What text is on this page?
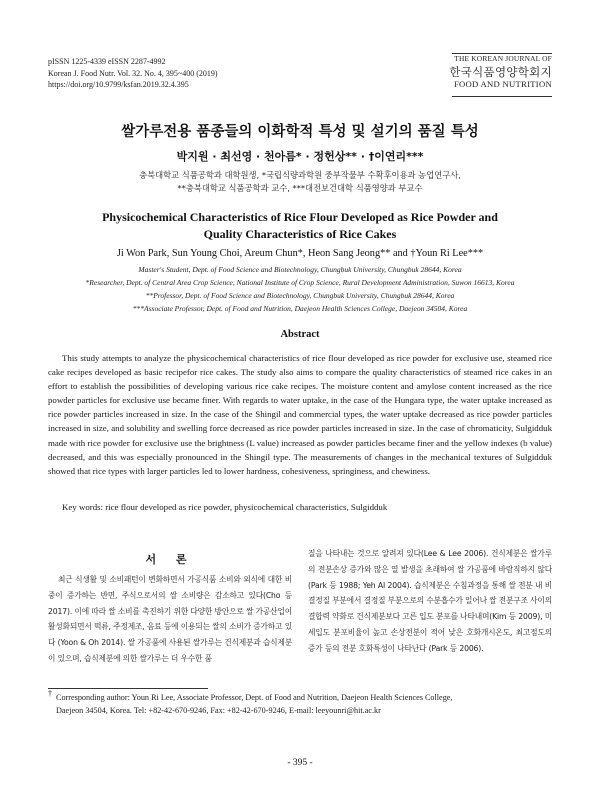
pISSN 1225-4339 eISSN 2287-4992
Korean J. Food Nutr. Vol. 32. No. 4, 395~400 (2019)
https://doi.org/10.9799/ksfan.2019.32.4.395
THE KOREAN JOURNAL OF
한국식품영양학회지
FOOD AND NUTRITION
쌀가루전용 품종들의 이화학적 특성 및 설기의 품질 특성
박지원 · 최선영 · 천아름* · 정헌상** · †이연리***
충북대학교 식품공학과 대학원생, *국립식량과학원 중부작물부 수확후이용과 농업연구사,
**충북대학교 식품공학과 교수, ***대전보건대학 식품영양과 부교수
Physicochemical Characteristics of Rice Flour Developed as Rice Powder and
Quality Characteristics of Rice Cakes
Ji Won Park, Sun Young Choi, Areum Chun*, Heon Sang Jeong** and †Youn Ri Lee***
Master's Student, Dept. of Food Science and Biotechnology, Chungbuk University, Chungbuk 28644, Korea
*Researcher, Dept. of Central Area Crop Science, National Institute of Crop Science, Rural Development Administration, Suwon 16613, Korea
**Professor, Dept. of Food Science and Biotechnology, Chungbuk University, Chungbuk 28644, Korea
***Associate Professor, Dept. of Food and Nutrition, Daejeon Health Sciences College, Daejeon 34504, Korea
Abstract

This study attempts to analyze the physicochemical characteristics of rice flour developed as rice powder for exclusive use, steamed rice cake recipes developed as basic recipefor rice cakes. The study also aims to compare the quality characteristics of steamed rice cakes in an effort to establish the possibilities of developing various rice cake recipes. The moisture content and amylose content increased as the rice powder particles for exclusive use became finer. With regards to water uptake, in the case of the Hungara type, the water uptake increased as rice powder particles increased in size. In the case of the Shingil and commercial types, the water uptake decreased as rice powder particles increased in size, and solubility and swelling force decreased as rice powder particles increased in size. In the case of chromaticity, Sulgidduk made with rice powder for exclusive use the brightness (L value) increased as powder particles became finer and the yellow indexes (b value) decreased, and this was especially pronounced in the Shingil type. The measurements of changes in the mechanical textures of Sulgidduk showed that rice types with larger particles led to lower hardness, cohesiveness, springiness, and chewiness.

Key words: rice flour developed as rice powder, physicochemical characteristics, Sulgidduk

서 론

최근 식생활 및 소비패턴이 변화하면서 가공식품 소비와 외식에 대한 비중이 증가하는 반면, 주식으로서의 쌀 소비량은 감소하고 있다(Cho 등 2017). 이에 따라 쌀 소비를 촉진하기 위한 다양한 방안으로 쌀 가공산업이 활성화되면서 떡류, 주정제조, 음료 등에 이용되는 쌀의 소비가 증가하고 있다 (Yoon & Oh 2014). 쌀 가공품에 사용된 쌀가루는 건식제분과 습식제분이 있으며, 습식제분에 의한 쌀가루는 더 우수한 품

질을 나타내는 것으로 알려져 있다(Lee & Lee 2006). 건식제분은 쌀가루의 전분손상 증가와 많은 열 발생을 초래하여 쌀 가공품에 바람직하지 않다(Park 등 1988; Yeh AI 2004). 습식제분은 수침과정을 통해 쌀 전분 내 비결정질 부분에서 결정질 부분으로의 수분흡수가 일어나 쌀 전분구조 사이의 결합력 약화로 건식제분보다 고른 입도 분포를 나타내며(Kim 등 2009), 미세입도 분포비율이 높고 손상전분이 적어 낮은 호화개시온도, 최고점도의 증가 등의 전분 호화특성이 나타난다 (Park 등 2006).

† Corresponding author: Youn Ri Lee, Associate Professor, Dept. of Food and Nutrition, Daejeon Health Sciences College,

Daejeon 34504, Korea. Tel: +82-42-670-9246, Fax: +82-42-670-9246, E-mail: leeyounri@hit.ac.kr

- 395 -
